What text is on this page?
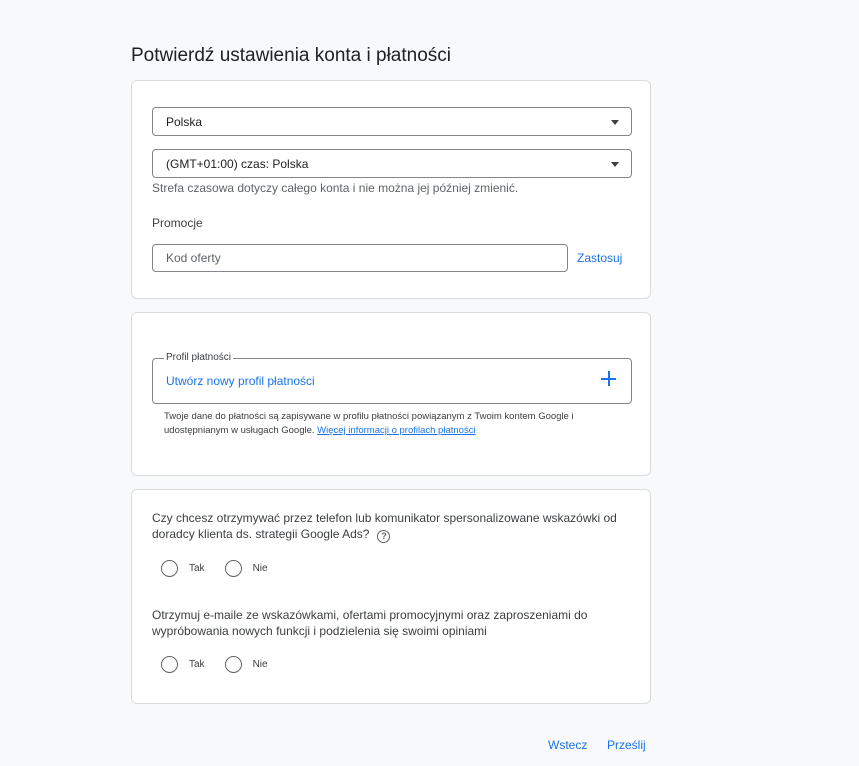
Potwierdź ustawienia konta i płatności
Polska
(GMT+01:00) czas: Polska
Strefa czasowa dotyczy całego konta i nie można jej później zmienić.
Promocje
Kod oferty
Zastosuj
Profil płatności
Utwórz nowy profil płatności
Twoje dane do płatności są zapisywane w profilu płatności powiązanym z Twoim kontem Google i udostępnianym w usługach Google. Więcej informacji o profilach płatności
Czy chcesz otrzymywać przez telefon lub komunikator spersonalizowane wskazówki od doradcy klienta ds. strategii Google Ads? ?
Tak	Nie
Otrzymuj e-maile ze wskazówkami, ofertami promocyjnymi oraz zaproszeniami do wypróbowania nowych funkcji i podzielenia się swoimi opiniami
Tak	Nie
Wstecz Prześlij
